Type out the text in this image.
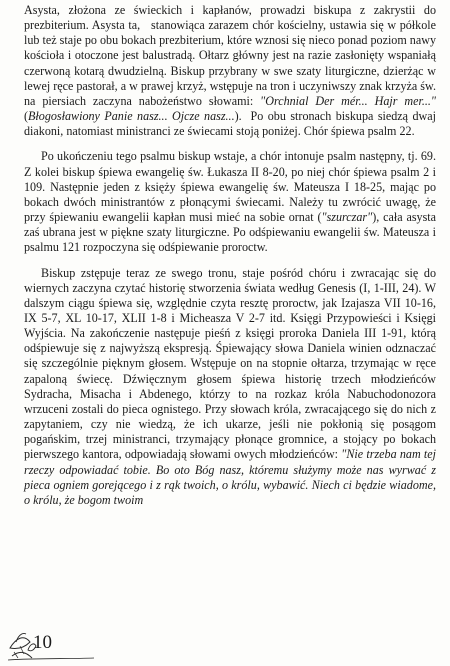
Asysta, złożona ze świeckich i kapłanów, prowadzi biskupa z zakrystii do prezbiterium. Asysta ta,   stanowiąca zarazem chór kościelny, ustawia się w półkole lub też staje po obu bokach prezbiterium, które wznosi się nieco ponad poziom nawy kościoła i otoczone jest balustradą. Ołtarz główny jest na razie zasłonięty wspaniałą czerwoną kotarą dwudzielną. Biskup przybrany w swe szaty liturgiczne, dzierżąc w lewej ręce pastorał, a w prawej krzyż, wstępuje na tron i uczyniwszy znak krzyża św. na piersiach zaczyna nabożeństwo słowami: "Orchnial Der mér... Hajr mer..." (Błogosławiony Panie nasz... Ojcze nasz...).  Po obu stronach biskupa siedzą dwaj diakoni, natomiast ministranci ze świecami stoją poniżej. Chór śpiewa psalm 22.

Po ukończeniu tego psalmu biskup wstaje, a chór intonuje psalm następny, tj. 69. Z kolei biskup śpiewa ewangelię św. Łukasza II 8-20, po niej chór śpiewa psalm 2 i 109. Następnie jeden z księży śpiewa ewangelię św. Mateusza I 18-25, mając po bokach dwóch ministrantów z płonącymi świecami. Należy tu zwrócić uwagę, że przy śpiewaniu ewangelii kapłan musi mieć na sobie ornat ("szurczar"), cała asysta zaś ubrana jest w piękne szaty liturgiczne. Po odśpiewaniu ewangelii św. Mateusza i psalmu 121 rozpoczyna się odśpiewanie proroctw.

Biskup zstępuje teraz ze swego tronu, staje pośród chóru i zwracając się do wiernych zaczyna czytać historię stworzenia świata według Genesis (I, 1-III, 24). W dalszym ciągu śpiewa się, względnie czyta resztę proroctw, jak Izajasza VII 10-16, IX 5-7, XL 10-17, XLII 1-8 i Micheasza V 2-7 itd. Księgi Przypowieści i Księgi Wyjścia. Na zakończenie następuje pieśń z księgi proroka Daniela III 1-91, którą odśpiewuje się z najwyższą ekspresją. Śpiewający słowa Daniela winien odznaczać się szczególnie pięknym głosem. Wstępuje on na stopnie ołtarza, trzymając w ręce zapaloną świecę. Dźwięcznym głosem śpiewa historię trzech młodzieńców Sydracha, Misacha i Abdenego, którzy to na rozkaz króla Nabuchodonozora wrzuceni zostali do pieca ognistego. Przy słowach króla, zwracającego się do nich z zapytaniem, czy nie wiedzą, że ich ukarze, jeśli nie pokłonią się posągom pogańskim, trzej ministranci, trzymający płonące gromnice, a stojący po bokach pierwszego kantora, odpowiadają słowami owych młodzieńców: "Nie trzeba nam tej rzeczy odpowiadać tobie. Bo oto Bóg nasz, któremu służymy może nas wyrwać z pieca ogniem gorejącego i z rąk twoich, o królu, wybawić. Niech ci będzie wiadome, o królu, że bogom twoim

10
